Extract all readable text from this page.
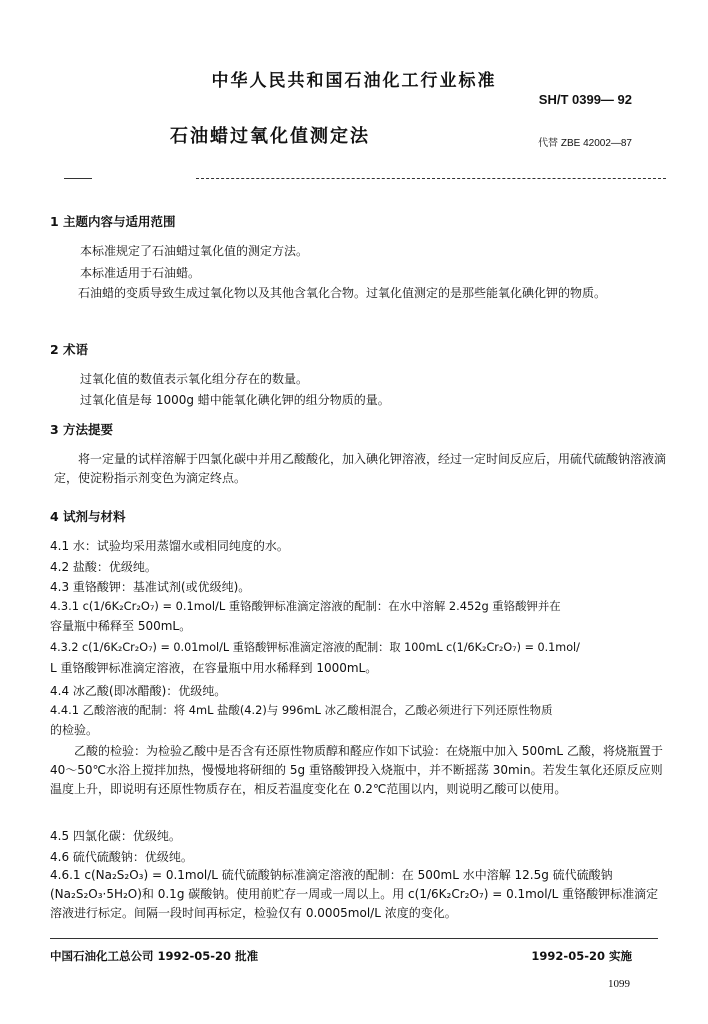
中华人民共和国石油化工行业标准
SH/T 0399— 92
石油蜡过氧化值测定法	代替 ZBE 42002—87
1 主题内容与适用范围
本标准规定了石油蜡过氧化值的测定方法。
本标准适用于石油蜡。
石油蜡的变质导致生成过氧化物以及其他含氧化合物。过氧化值测定的是那些能氧化碘化钾的物质。
2 术语
过氧化值的数值表示氧化组分存在的数量。
过氧化值是每 1000g 蜡中能氧化碘化钾的组分物质的量。
3 方法提要
将一定量的试样溶解于四氯化碳中并用乙酸酸化，加入碘化钾溶液，经过一定时间反应后，用硫代硫酸钠溶液滴定，使淀粉指示剂变色为滴定终点。
4 试剂与材料
4.1 水：试验均采用蒸馏水或相同纯度的水。
4.2 盐酸：优级纯。
4.3 重铬酸钾：基准试剂(或优级纯)。
4.3.1 c(1/6K₂Cr₂O₇) = 0.1mol/L 重铬酸钾标准滴定溶液的配制：在水中溶解 2.452g 重铬酸钾并在
容量瓶中稀释至 500mL。
4.3.2 c(1/6K₂Cr₂O₇) = 0.01mol/L 重铬酸钾标准滴定溶液的配制：取 100mL c(1/6K₂Cr₂O₇) = 0.1mol/
L 重铬酸钾标准滴定溶液，在容量瓶中用水稀释到 1000mL。
4.4 冰乙酸(即冰醋酸)：优级纯。
4.4.1 乙酸溶液的配制：将 4mL 盐酸(4.2)与 996mL 冰乙酸相混合，乙酸必须进行下列还原性物质
的检验。
乙酸的检验：为检验乙酸中是否含有还原性物质醇和醛应作如下试验：在烧瓶中加入 500mL 乙酸，将烧瓶置于 40～50℃水浴上搅拌加热，慢慢地将研细的 5g 重铬酸钾投入烧瓶中，并不断摇荡 30min。若发生氧化还原反应则温度上升，即说明有还原性物质存在，相反若温度变化在 0.2℃范围以内，则说明乙酸可以使用。
4.5 四氯化碳：优级纯。
4.6 硫代硫酸钠：优级纯。
4.6.1 c(Na₂S₂O₃) = 0.1mol/L 硫代硫酸钠标准滴定溶液的配制：在 500mL 水中溶解 12.5g 硫代硫酸钠(Na₂S₂O₃·5H₂O)和 0.1g 碳酸钠。使用前贮存一周或一周以上。用 c(1/6K₂Cr₂O₇) = 0.1mol/L 重铬酸钾标准滴定溶液进行标定。间隔一段时间再标定，检验仅有 0.0005mol/L 浓度的变化。
中国石油化工总公司 1992-05-20 批准	1992-05-20 实施
1099
